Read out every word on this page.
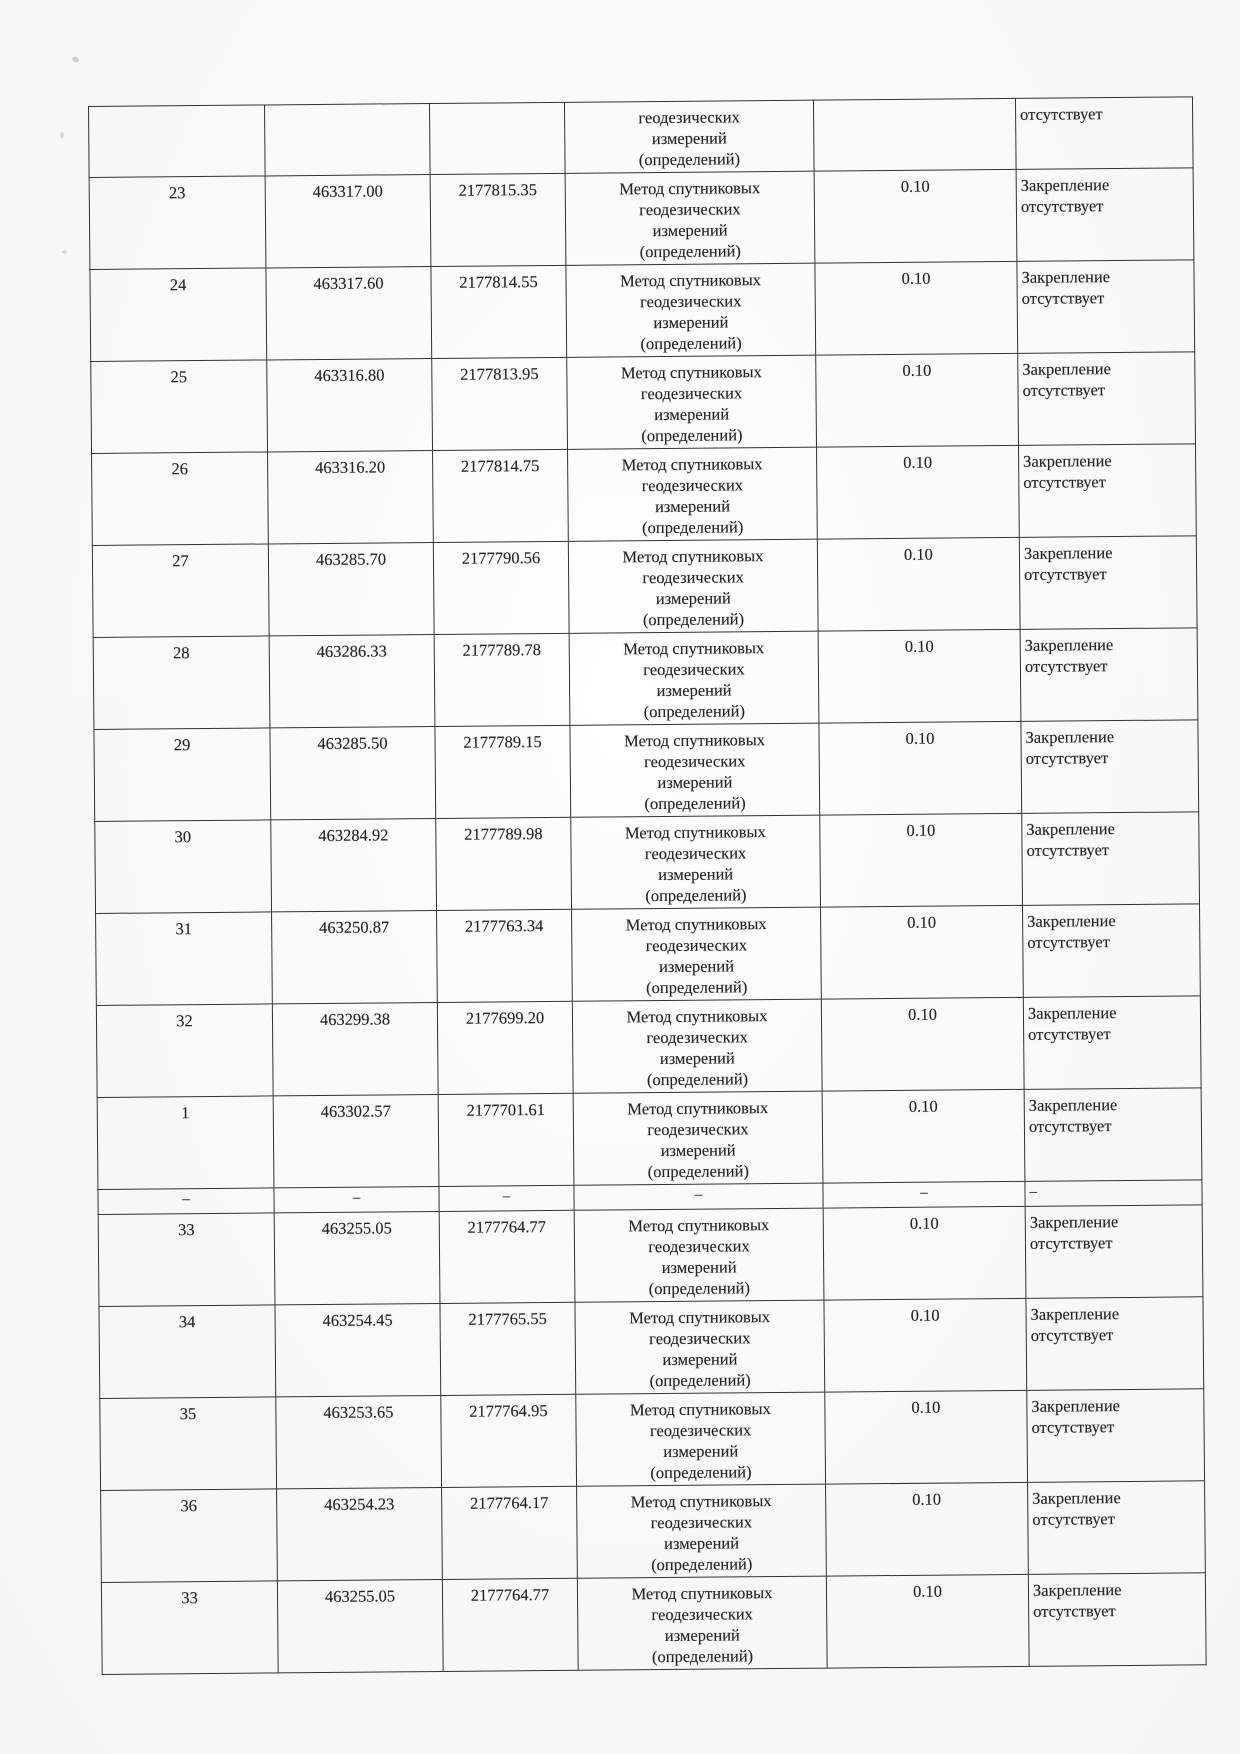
			геодезических
измерений
(определений)		отсутствует

23	463317.00	2177815.35	Метод спутниковых
геодезических
измерений
(определений)
	0.10	Закрепление
отсутствует

24	463317.60	2177814.55	Метод спутниковых
геодезических
измерений
(определений)
	0.10	Закрепление
отсутствует

25	463316.80	2177813.95	Метод спутниковых
геодезических
измерений
(определений)
	0.10	Закрепление
отсутствует

26	463316.20	2177814.75	Метод спутниковых
геодезических
измерений
(определений)
	0.10	Закрепление
отсутствует

27	463285.70	2177790.56	Метод спутниковых
геодезических
измерений
(определений)
	0.10	Закрепление
отсутствует

28	463286.33	2177789.78	Метод спутниковых
геодезических
измерений
(определений)
	0.10	Закрепление
отсутствует

29	463285.50	2177789.15	Метод спутниковых
геодезических
измерений
(определений)
	0.10	Закрепление
отсутствует

30	463284.92	2177789.98	Метод спутниковых
геодезических
измерений
(определений)
	0.10	Закрепление
отсутствует

31	463250.87	2177763.34	Метод спутниковых
геодезических
измерений
(определений)
	0.10	Закрепление
отсутствует

32	463299.38	2177699.20	Метод спутниковых
геодезических
измерений
(определений)
	0.10	Закрепление
отсутствует

1	463302.57	2177701.61	Метод спутниковых
геодезических
измерений
(определений)
	0.10	Закрепление
отсутствует

–	–	–	–	–	–
33	463255.05	2177764.77	Метод спутниковых
геодезических
измерений
(определений)
	0.10	Закрепление
отсутствует

34	463254.45	2177765.55	Метод спутниковых
геодезических
измерений
(определений)
	0.10	Закрепление
отсутствует

35	463253.65	2177764.95	Метод спутниковых
геодезических
измерений
(определений)
	0.10	Закрепление
отсутствует

36	463254.23	2177764.17	Метод спутниковых
геодезических
измерений
(определений)
	0.10	Закрепление
отсутствует

33	463255.05	2177764.77	Метод спутниковых
геодезических
измерений
(определений)
	0.10	Закрепление
отсутствует
